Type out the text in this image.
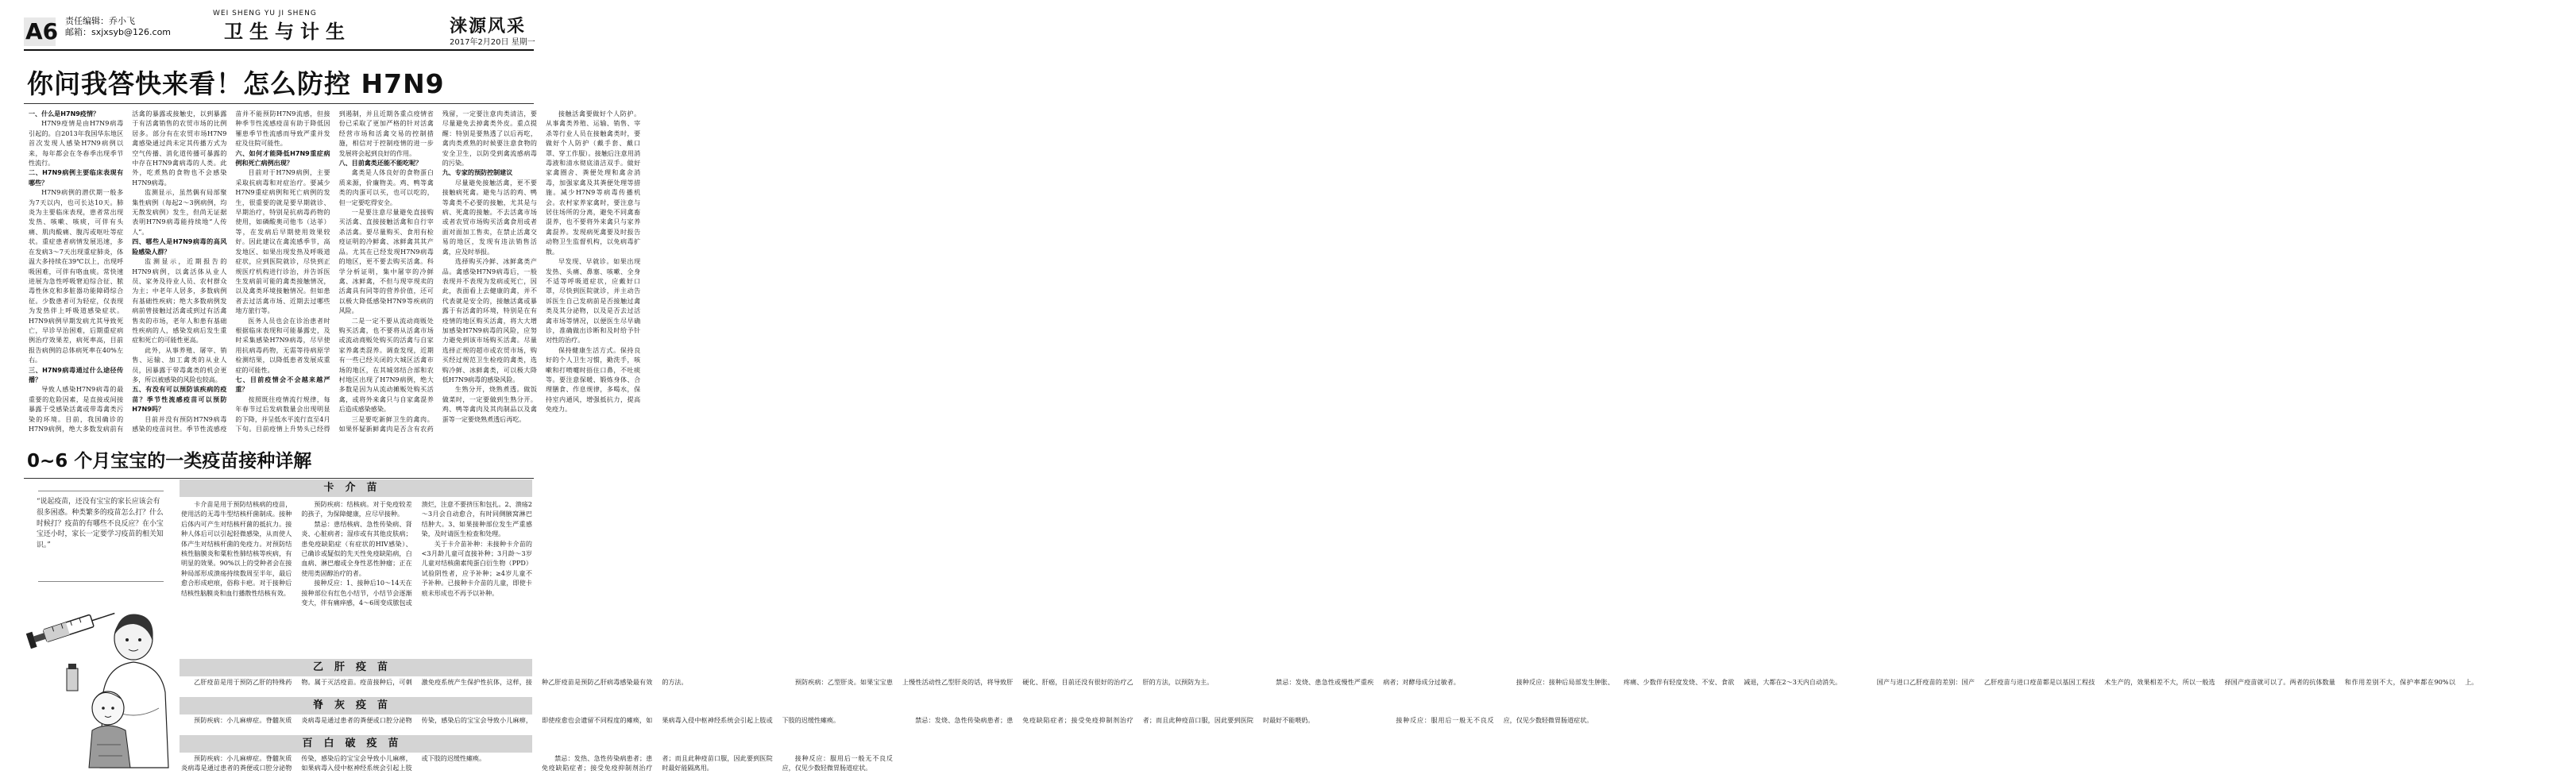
A6 责任编辑：乔小飞
邮箱：sxjxsyb@126.com
WEI SHENG YU JI SHENG
卫生与计生	涞源风采
2017年2月20日 星期一
你问我答快来看！怎么防控 H7N9

一、什么是H7N9疫情？

H7N9疫情是由H7N9病毒引起的。自2013年我国华东地区首次发现人感染H7N9病例以来，每年都会在冬春季出现季节性流行。

二、H7N9病例主要临床表现有哪些？

H7N9病例的潜伏期一般多为7天以内，也可长达10天。肺炎为主要临床表现，患者常出现发热、咳嗽、咳痰，可伴有头痛、肌肉酸痛、腹泻或呕吐等症状。重症患者病情发展迅速，多在发病3～7天出现重症肺炎，体温大多持续在39℃以上，出现呼吸困难，可伴有咯血痰。常快速进展为急性呼吸窘迫综合征、脓毒性休克和多脏器功能障碍综合征。少数患者可为轻症，仅表现为发热伴上呼吸道感染症状。H7N9病例早期发病尤其导致死亡，早诊早治困难，后期重症病例治疗效果差，病死率高，目前报告病例的总体病死率在40%左右。

三、H7N9病毒通过什么途径传播？

导致人感染H7N9病毒的最重要的危险因素，是直接或间接暴露于受感染活禽或带毒禽类污染的环境。目前，我国确诊的H7N9病例，绝大多数发病前有活禽的暴露或接触史，以到暴露于有活禽销售的农贸市场的比例居多。部分有在农贸市场H7N9禽感染通过尚未定其传播方式为空气传播、消化道传播可暴露的中存在H7N9禽病毒的人类。此外，吃煮熟的食物也不会感染H7N9病毒。

监测显示，虽然偶有局部聚集性病例（每起2～3例病例，均无散发病例）发生，但尚无证据表明H7N9病毒能持续地“人传人”。

四、哪些人是H7N9病毒的高风险感染人群？

监测显示，近期报告的H7N9病例，以禽活体从业人员、家务及待业人员、农村群众为主；中老年人居多，多数病例有基础性疾病；绝大多数病例发病前曾接触过活禽或到过有活禽售卖的市场，老年人和患有基础性疾病的人，感染发病后发生重症和死亡的可能性更高。

此外，从事养殖、屠宰、销售、运输、加工禽类的从业人员，因暴露于带毒禽类的机会更多，所以被感染的风险也较高。

五、有没有可以预防该疾病的疫苗？季节性流感疫苗可以预防H7N9吗？

目前并没有预防H7N9病毒感染的疫苗问世。季节性流感疫苗并不能预防H7N9流感，但接种季节性流感疫苗有助于降低因罹患季节性流感而导致严重并发症及住院可能性。

六、如何才能降低H7N9重症病例和死亡病例出现？

目前对于H7N9病例，主要采取抗病毒和对症治疗。要减少H7N9重症病例和死亡病例的发生，很重要的就是要早期就诊、早期治疗，特别是抗病毒药物的使用，如磷酸奥司他韦（达菲）等，在发病后早期使用效果较好。因此建议在禽流感季节，高发地区、如果出现发热及呼吸道症状，应到医院就诊，尽快到正规医疗机构进行诊治，并告诉医生发病前可能的禽类接触情况，以及禽类环境接触情况。但如患者去过活禽市场、近期去过哪些地方旅行等。

医务人员也会在诊治患者时根据临床表现和可能暴露史，及时采集感染H7N9病毒，尽早使用抗病毒药物，无需等待病原学检测结果，以降低患者发展成重症的可能性。

七、目前疫情会不会越来越严重？

按照既往疫情流行规律，每年春节过后发病数量会出现明显的下降，并呈低水平流行直至4月下旬。目前疫情上升势头已经得到遏制，并且近期各重点疫情省份已采取了更加严格的针对活禽经营市场和活禽交易的控制措施，相信对于控制疫情的进一步发展将会起到良好的作用。

八、目前禽类还能不能吃呢？

禽类是人体良好的食物蛋白质来源，价廉物美。鸡、鸭等禽类的肉蛋可以买，也可以吃的，但一定要吃得安全。

一是要注意尽量避免直接购买活禽、直接接触活禽和自行宰杀活禽。要尽量购买、食用有检疫证明的冷鲜禽、冰鲜禽其其产品。尤其在已经发现H7N9病毒的地区，更不要去购买活禽。科学分析证明，集中屠宰的冷鲜禽、冰鲜禽，不但与现宰现卖的活禽具有同等的营养价值，还可以极大降低感染H7N9等疾病的风险。

二是一定不要从流动商贩处购买活禽，也不要将从活禽市场或流动商贩处购买的活禽与自家家养禽类混养。调查发现，近期有一些已经关闭的大城区活禽市场的地区，在其城郊结合部和农村地区出现了H7N9病例，绝大多数是因为从流动摊贩处购买活禽，或将外来禽只与自家禽混养后造成感染感染。

三是要吃新鲜卫生的禽肉。如果怀疑新鲜禽肉是否含有农药残留，一定要注意肉类清洁，要尽量避免去掉禽类外皮。重点提醒：特别是要熟透了以后再吃，禽肉类煮熟的时候要注意食物的安全卫生，以防受到禽流感病毒的污染。

九、专家的预防控制建议

尽量避免接触活禽，更不要接触病死禽。避免与活的鸡、鸭等禽类不必要的接触，尤其是与病、死禽的接触。不去活禽市场或者农贸市场购买活禽食用或者面对面加工售卖，在禁止活禽交易的地区，发现有违法销售活禽，应及时举报。

选择购买冷鲜、冰鲜禽类产品。禽感染H7N9病毒后，一般表现并不表现为发病或死亡，因此，表面看上去健康的禽，并不代表就是安全的，接触活禽或暴露于有活禽的环境，特别是在有疫情的地区购买活禽，将大大增加感染H7N9病毒的风险，应努力避免到该市场购买活禽。尽量选择正规的超市或农贸市场，购买经过规范卫生检疫的禽类，选购冷鲜、冰鲜禽类，可以极大降低H7N9病毒的感染风险。

生熟分开，烧熟煮透。做饭做菜时，一定要做到生熟分开。鸡、鸭等禽肉及其肉制品以及禽蛋等一定要烧熟煮透后再吃。

接触活禽要做好个人防护。从事禽类养殖、运输、销售、宰杀等行业人员在接触禽类时，要做好个人防护（戴手套、戴口罩、穿工作服）。接触后注意用消毒液和清水彻底清洁双手。做好家禽圈舍、粪便处理和禽舍消毒，加强家禽及其粪便处理等措施。减少H7N9等病毒传播机会。农村家养家禽时，要注意与居住场所的分离，避免不同禽畜混养，也不要将外来禽只与家养禽混养。发现病死禽要及时报告动物卫生监督机构，以免病毒扩散。

早发现、早就诊。如果出现发热、头痛、鼻塞、咳嗽、全身不适等呼吸道症状，应戴好口罩，尽快到医院就诊，并主动告诉医生自己发病前是否接触过禽类及其分泌物，以及是否去过活禽市场等情况，以便医生尽早确诊，准确做出诊断和及时给予针对性的治疗。

保持健康生活方式。保持良好的个人卫生习惯，勤洗手，咳嗽和打喷嚏时捂住口鼻，不吐痰等。要注意保暖、锻炼身体、合理膳食、作息规律，多喝水，保持室内通风，增强抵抗力，提高免疫力。

0~6 个月宝宝的一类疫苗接种详解
“说起疫苗，还没有宝宝的家长应该会有很多困惑。种类繁多的疫苗怎么打？什么时候打？疫苗的有哪些不良反应？在小宝宝还小时，家长一定要学习疫苗的相关知识。”
卡介苗

卡介苗是用于预防结核病的疫苗，使用活的无毒牛型结核杆菌制成。接种后体内可产生对结核杆菌的抵抗力。接种人体后可以引起轻微感染，从而使人体产生对结核杆菌的免疫力。对预防结核性脑膜炎和粟粒性肺结核等疾病，有明显的效果。90%以上的受种者会在接种局部形成溃疡持续数周至半年，最后愈合形成疤痕，俗称卡疤。对于接种后结核性脑膜炎和血行播散性结核有效。

预防疾病：结核病。对于免疫较差的孩子，为保障健康，应尽早接种。

禁忌：患结核病、急性传染病、肾炎、心脏病者；湿疹或有其他皮肤病；患免疫缺陷症（有症状的HIV感染）、已确诊或疑似的先天性免疫缺陷病，白血病、淋巴瘤或全身性恶性肿瘤；正在使用类固醇治疗的者。

接种反应：1、接种后10～14天在接种部位有红色小结节，小结节会逐渐变大，伴有痛痒感，4～6周变成脓包或溃烂，注意不要挤压和包扎。2、溃疡2～3月会自动愈合，有时同侧腋窝淋巴结肿大。3、如果接种部位发生严重感染，及时请医生检查和处理。

关于卡介苗补种：未接种卡介苗的<3月龄儿童可直接补种；3月龄～3岁儿童对结核菌素纯蛋白衍生物（PPD）试验阴性者，应予补种；≥4岁儿童不予补种。已接种卡介苗的儿童，即使卡痕未形成也不再予以补种。

乙肝疫苗

乙肝疫苗是用于预防乙肝的特殊药物。属于灭活疫苗。疫苗接种后，可刺激免疫系统产生保护性抗体，这样，接种乙肝疫苗是预防乙肝病毒感染最有效的方法。	预防疾病：乙型肝炎。如果宝宝患上慢性活动性乙型肝炎的话，将导致肝硬化、肝癌，目前还没有很好的治疗乙肝的方法，以预防为主。	禁忌：发烧、患急性或慢性严重疾病者；对酵母成分过敏者。	接种反应：接种后局部发生肿胀、疼痛、少数伴有轻度发烧、不安、食欲减退，大都在2～3天内自动消失。	国产与进口乙肝疫苗的差别：国产乙肝疫苗与进口疫苗都是以基因工程技术生产的，效果相差不大，所以一般选择国产疫苗就可以了。两者的抗体数量和作用差别不大，保护率都在90%以上。

脊灰疫苗

预防疾病：小儿麻痹症。脊髓灰质炎病毒是通过患者的粪便或口腔分泌物传染，感染后的宝宝会导致小儿麻痹，即使痊愈也会遗留不同程度的瘫痪，如果病毒入侵中枢神经系统会引起上肢或下肢的迟缓性瘫痪。	禁忌：发烧、急性传染病患者；患免疫缺陷症者；接受免疫抑制剂治疗者；而且此种疫苗口服，因此要到医院时最好不能喂奶。	接种反应：服用后一般无不良反应，仅见少数轻微胃肠道症状。

百白破疫苗

预防疾病：小儿麻痹症。脊髓灰质炎病毒是通过患者的粪便或口腔分泌物传染，感染后的宝宝会导致小儿麻痹，如果病毒入侵中枢神经系统会引起上肢或下肢的迟缓性瘫痪。	禁忌：发热、急性传染病患者；患免疫缺陷症者；接受免疫抑制剂治疗者；而且此种疫苗口服，因此要到医院时最好能隔离用。

接种反应：服用后一般无不良反应，仅见少数轻微胃肠道症状。
